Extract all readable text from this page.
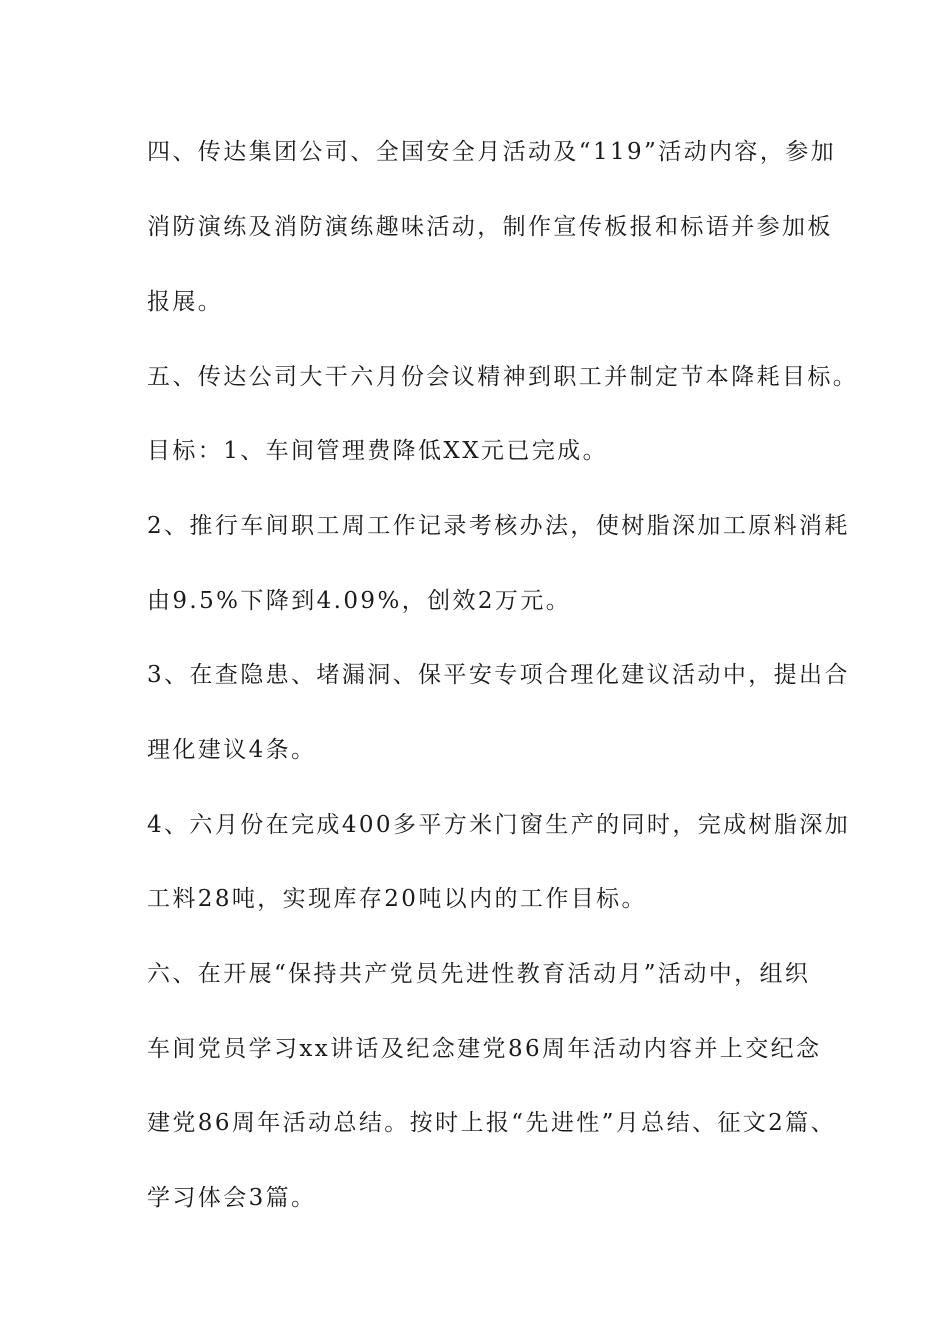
四、传达集团公司、全国安全月活动及“119”活动内容，参加
消防演练及消防演练趣味活动，制作宣传板报和标语并参加板
报展。
五、传达公司大干六月份会议精神到职工并制定节本降耗目标。
目标：1、车间管理费降低XX元已完成。
2、推行车间职工周工作记录考核办法，使树脂深加工原料消耗
由9.5%下降到4.09%，创效2万元。
3、在查隐患、堵漏洞、保平安专项合理化建议活动中，提出合
理化建议4条。
4、六月份在完成400多平方米门窗生产的同时，完成树脂深加
工料28吨，实现库存20吨以内的工作目标。
六、在开展“保持共产党员先进性教育活动月”活动中，组织
车间党员学习xx讲话及纪念建党86周年活动内容并上交纪念
建党86周年活动总结。按时上报“先进性”月总结、征文2篇、
学习体会3篇。
